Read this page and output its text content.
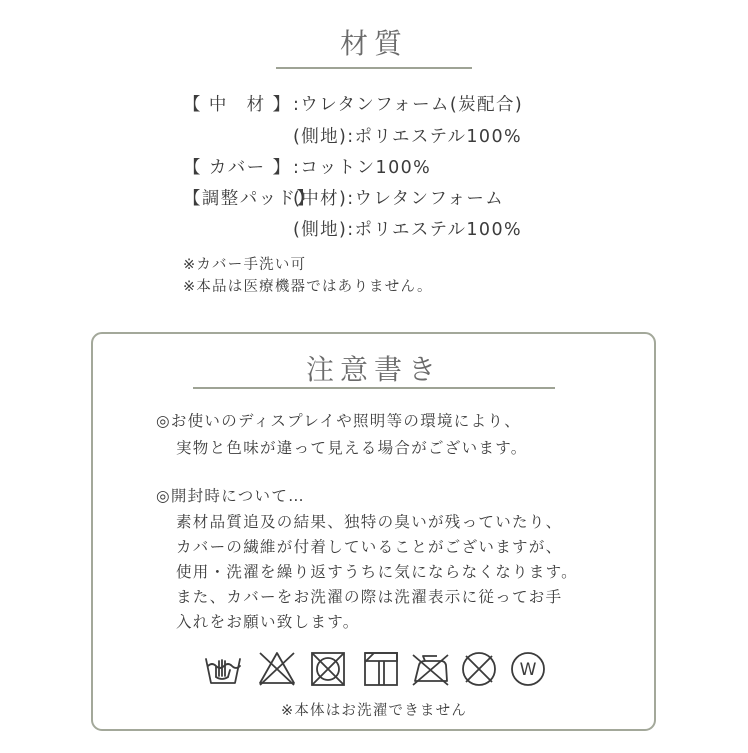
材質
【 中　材 】 :ウレタンフォーム(炭配合)
(側地):ポリエステル100%
【 カバー 】 :コットン100%
【調整パッド】
(中材):ウレタンフォーム
(側地):ポリエステル100%
※カバー手洗い可
※本品は医療機器ではありません。
注意書き
◎お使いのディスプレイや照明等の環境により、
実物と色味が違って見える場合がございます。
◎開封時について…
素材品質追及の結果、独特の臭いが残っていたり、
カバーの繊維が付着していることがございますが、
使用・洗濯を繰り返すうちに気にならなくなります。
また、カバーをお洗濯の際は洗濯表示に従ってお手
入れをお願い致します。
W
※本体はお洗濯できません
